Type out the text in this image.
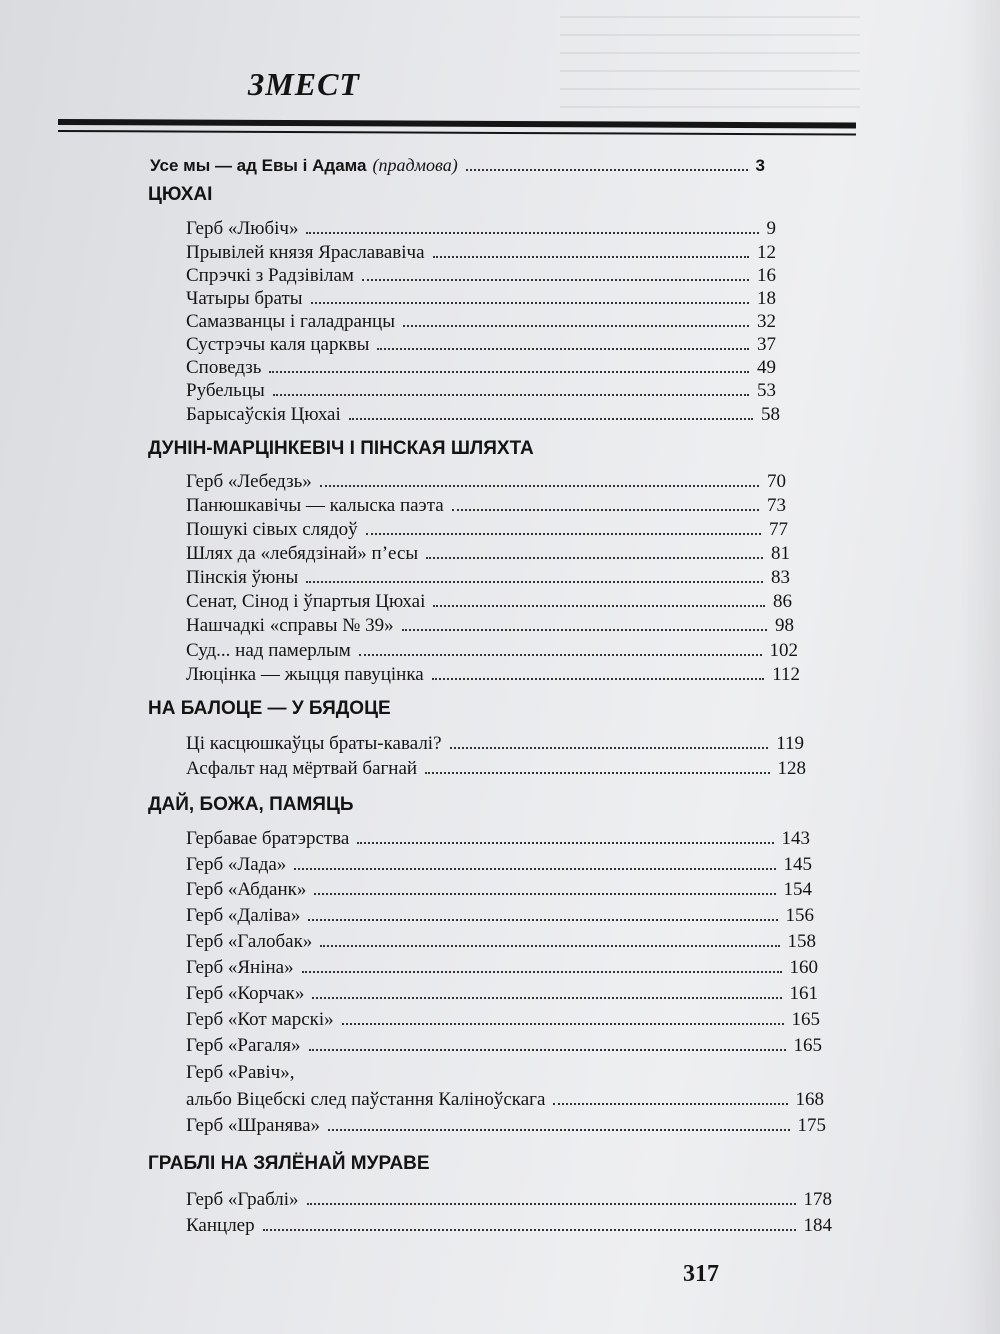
ЗМЕСТ
Усе мы — ад Евы і Адама (прадмова)	3
ЦЮХАІ
Герб «Любіч»	9
Прывілей князя Яраслававіча	12
Спрэчкі з Радзівілам	16
Чатыры браты	18
Самазванцы і галадранцы	32
Сустрэчы каля царквы	37
Споведзь	49
Рубельцы	53
Барысаўскія Цюхаі	58
ДУНІН-МАРЦІНКЕВІЧ І ПІНСКАЯ ШЛЯХТА
Герб «Лебедзь»	70
Панюшкавічы — калыска паэта	73
Пошукі сівых слядоў	77
Шлях да «лебядзінай» п’есы	81
Пінскія ўюны	83
Сенат, Сінод і ўпартыя Цюхаі	86
Нашчадкі «справы № 39»	98
Суд... над памерлым	102
Люцінка — жыцця павуцінка	112
НА БАЛОЦЕ — У БЯДОЦЕ
Ці касцюшкаўцы браты-кавалі?	119
Асфальт над мёртвай багнай	128
ДАЙ, БОЖА, ПАМЯЦЬ
Гербавае братэрства	143
Герб «Лада»	145
Герб «Абданк»	154
Герб «Даліва»	156
Герб «Галобак»	158
Герб «Яніна»	160
Герб «Корчак»	161
Герб «Кот марскі»	165
Герб «Рагаля»	165
Герб «Равіч»,
альбо Віцебскі след паўстання Каліноўскага	168
Герб «Шранява»	175
ГРАБЛІ НА ЗЯЛЁНАЙ МУРАВЕ
Герб «Граблі»	178
Канцлер	184

317
